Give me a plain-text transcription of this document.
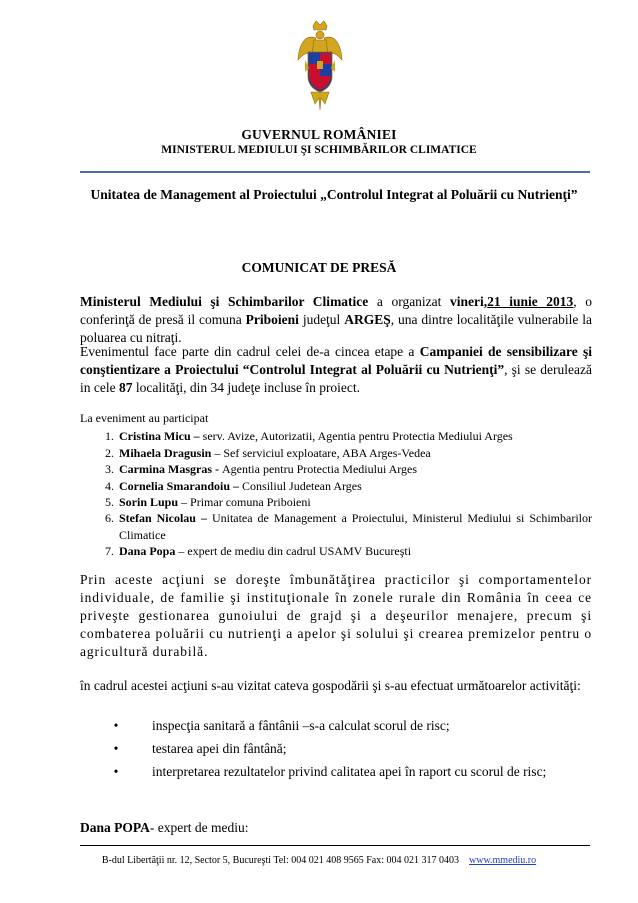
GUVERNUL ROMÂNIEI
MINISTERUL MEDIULUI ŞI SCHIMBĂRILOR CLIMATICE
Unitatea de Management al Proiectului „Controlul Integrat al Poluării cu Nutrienţi”
COMUNICAT DE PRESĂ
Ministerul Mediului şi Schimbarilor Climatice a organizat vineri,21 iunie 2013, o conferinţă de presă il comuna Priboieni judeţul ARGEŞ, una dintre localităţile vulnerabile la poluarea cu nitraţi.
Evenimentul face parte din cadrul celei de-a cincea etape a Campaniei de sensibilizare şi conştientizare a Proiectului “Controlul Integrat al Poluării cu Nutrienţi”, şi se derulează in cele 87 localităţi, din 34 judeţe incluse în proiect.
La eveniment au participat
1. Cristina Micu – serv. Avize, Autorizatii, Agentia pentru Protectia Mediului Arges
2. Mihaela Dragusin – Sef serviciul exploatare, ABA Arges-Vedea
3. Carmina Masgras - Agentia pentru Protectia Mediului Arges
4. Cornelia Smarandoiu – Consiliul Judetean Arges
5. Sorin Lupu – Primar comuna Priboieni
6. Stefan Nicolau – Unitatea de Management a Proiectului, Ministerul Mediului si Schimbarilor Climatice
7. Dana Popa – expert de mediu din cadrul USAMV Bucureşti
Prin aceste acţiuni se doreşte îmbunătăţirea practicilor şi comportamentelor individuale, de familie şi instituţionale în zonele rurale din România în ceea ce priveşte gestionarea gunoiului de grajd şi a deşeurilor menajere, precum şi combaterea poluării cu nutrienţi a apelor şi solului şi crearea premizelor pentru o agricultură durabilă.
în cadrul acestei acţiuni s-au vizitat cateva gospodării şi s-au efectuat următoarelor activităţi:
•	inspecţia sanitară a fântânii –s-a calculat scorul de risc;
•	testarea apei din fântână;
•	interpretarea rezultatelor privind calitatea apei în raport cu scorul de risc;
Dana POPA- expert de mediu:
B-dul Libertăţii nr. 12, Sector 5, Bucureşti Tel: 004 021 408 9565 Fax: 004 021 317 0403 www.mmediu.ro
